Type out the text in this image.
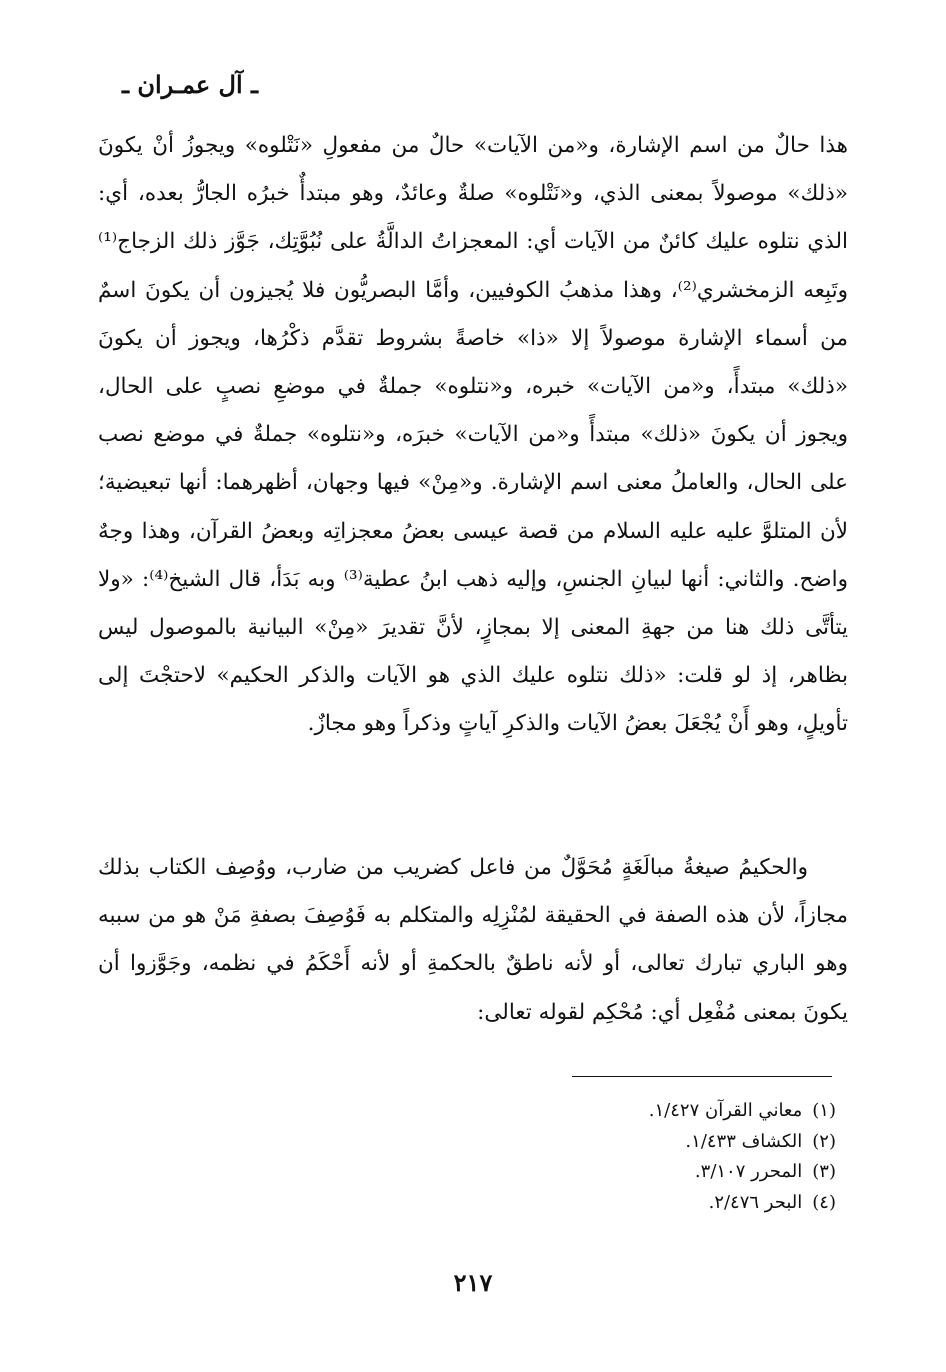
ـ آل عمـران ـ

هذا حالٌ من اسم الإشارة، و«من الآيات» حالٌ من مفعولِ «نَتْلوه» ويجوزُ أنْ يكونَ «ذلك» موصولاً بمعنى الذي، و«نَتْلوه» صلةٌ وعائدٌ، وهو مبتدأٌ خبرُه الجارُّ بعده، أي: الذي نتلوه عليك كائنٌ من الآيات أي: المعجزاتُ الدالَّةُ على نُبُوَّتِك، جَوَّز ذلك الزجاج⁽¹⁾ وتَبِعه الزمخشري⁽²⁾، وهذا مذهبُ الكوفيين، وأمَّا البصريُّون فلا يُجيزون أن يكونَ اسمٌ من أسماء الإشارة موصولاً إلا «ذا» خاصةً بشروط تقدَّم ذكْرُها، ويجوز أن يكونَ «ذلك» مبتدأً، و«من الآيات» خبره، و«نتلوه» جملةٌ في موضعِ نصبٍ على الحال، ويجوز أن يكونَ «ذلك» مبتدأً و«من الآيات» خبرَه، و«نتلوه» جملةٌ في موضع نصب على الحال، والعاملُ معنى اسم الإشارة. و«مِنْ» فيها وجهان، أظهرهما: أنها تبعيضية؛ لأن المتلوَّ عليه عليه السلام من قصة عيسى بعضُ معجزاتِه وبعضُ القرآن، وهذا وجهٌ واضح. والثاني: أنها لبيانِ الجنسِ، وإليه ذهب ابنُ عطية⁽³⁾ وبه بَدَأ، قال الشيخ⁽⁴⁾: «ولا يتأتَّى ذلك هنا من جهةِ المعنى إلا بمجازٍ، لأنَّ تقديرَ «مِنْ» البيانية بالموصول ليس بظاهر، إذ لو قلت: «ذلك نتلوه عليك الذي هو الآيات والذكر الحكيم» لاحتجْتَ إلى تأويلٍ، وهو أَنْ يُجْعَلَ بعضُ الآيات والذكرِ آياتٍ وذكراً وهو مجازٌ.

والحكيمُ صيغةُ مبالَغَةٍ مُحَوَّلٌ من فاعل كضريب من ضارب، ووُصِف الكتاب بذلك مجازاً، لأن هذه الصفة في الحقيقة لمُنْزِلِه والمتكلم به فَوُصِفَ بصفةِ مَنْ هو من سببه وهو الباري تبارك تعالى، أو لأنه ناطقٌ بالحكمةِ أو لأنه أَحْكَمُ في نظمه، وجَوَّزوا أن يكونَ بمعنى مُفْعِل أي: مُحْكِم لقوله تعالى:

(١)معاني القرآن ١/٤٢٧.
(٢)الكشاف ١/٤٣٣.
(٣)المحرر ٣/١٠٧.
(٤)البحر ٢/٤٧٦.
٢١٧
